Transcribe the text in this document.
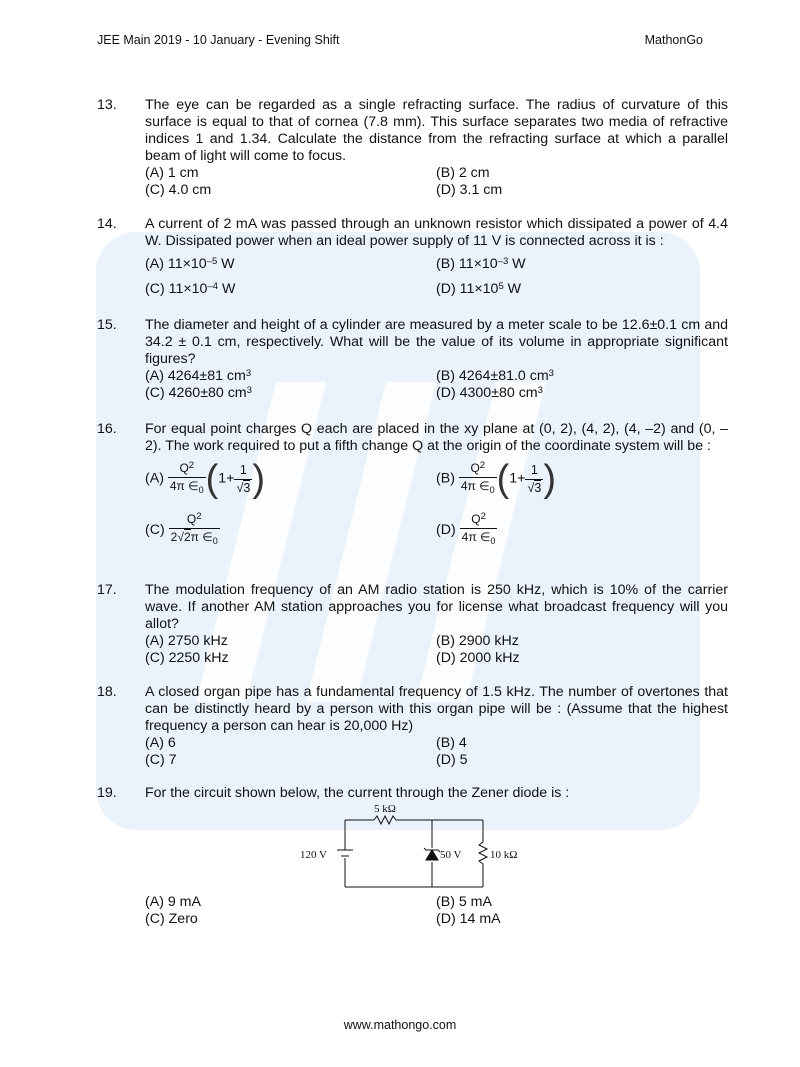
JEE Main 2019 - 10 January - Evening Shift	MathonGo
13. The eye can be regarded as a single refracting surface. The radius of curvature of this surface is equal to that of cornea (7.8 mm). This surface separates two media of refractive indices 1 and 1.34. Calculate the distance from the refracting surface at which a parallel beam of light will come to focus.
(A) 1 cm	(B) 2 cm
(C) 4.0 cm	(D) 3.1 cm
14. A current of 2 mA was passed through an unknown resistor which dissipated a power of 4.4 W. Dissipated power when an ideal power supply of 11 V is connected across it is :
(A) $11\times 10^{-5}$ W	(B) $11\times 10^{-3}$ W
(C) $11\times 10^{-4}$ W	(D) $11\times 10^5$ W
15. The diameter and height of a cylinder are measured by a meter scale to be 12.6±0.1 cm and 34.2 ± 0.1 cm, respectively. What will be the value of its volume in appropriate significant figures?
(A) 4264±81 $cm^3$	(B) 4264±81.0 $cm^3$
(C) 4260±80 $cm^3$	(D) 4300±80 $cm^3$
16. For equal point charges Q each are placed in the xy plane at (0, 2), (4, 2), (4, –2) and (0, –2). The work required to put a fifth change Q at the origin of the coordinate system will be :
$(A) \frac{Q^2}{4\pi \in_0} (1+ \frac{1}{√3}$ )	$(B) \frac{Q^2}{4\pi \in_0} (1+ \frac{1}{√3}$ )
$(C) \frac{Q^2}{2√2\pi \in_0}$	$(D) \frac{Q^2}{4\pi \in_0}$
17. The modulation frequency of an AM radio station is 250 kHz, which is 10% of the carrier wave. If another AM station approaches you for license what broadcast frequency will you allot?
(A) 2750 kHz	(B) 2900 kHz
(C) 2250 kHz	(D) 2000 kHz
18. A closed organ pipe has a fundamental frequency of 1.5 kHz. The number of overtones that can be distinctly heard by a person with this organ pipe will be : (Assume that the highest frequency a person can hear is 20,000 Hz)
(A) 6	(B) 4
(C) 7	(D) 5
19. For the circuit shown below, the current through the Zener diode is :
5 kΩ
120 V	50 V	10 kΩ
(A) 9 mA	(B) 5 mA
(C) Zero	(D) 14 mA
www.mathongo.com
